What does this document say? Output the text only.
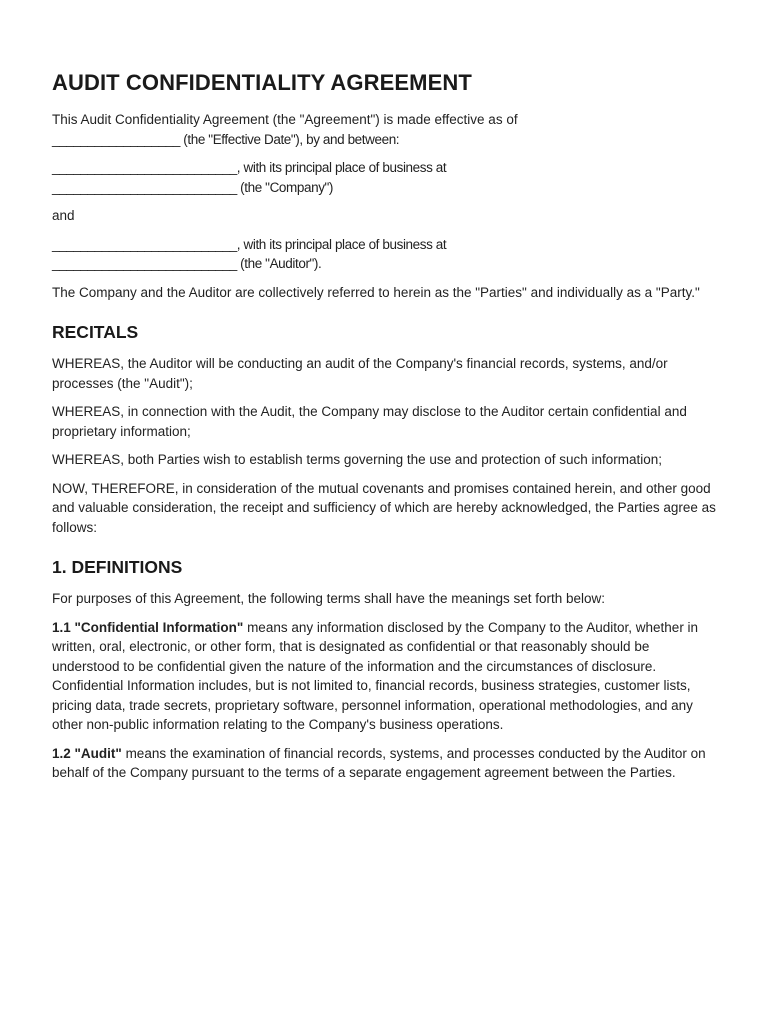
AUDIT CONFIDENTIALITY AGREEMENT

This Audit Confidentiality Agreement (the "Agreement") is made effective as of
__________________ (the "Effective Date"), by and between:

__________________________, with its principal place of business at
__________________________ (the "Company")

and

__________________________, with its principal place of business at
__________________________ (the "Auditor").

The Company and the Auditor are collectively referred to herein as the "Parties" and individually as a "Party."

RECITALS

WHEREAS, the Auditor will be conducting an audit of the Company's financial records, systems, and/or processes (the "Audit");

WHEREAS, in connection with the Audit, the Company may disclose to the Auditor certain confidential and proprietary information;

WHEREAS, both Parties wish to establish terms governing the use and protection of such information;

NOW, THEREFORE, in consideration of the mutual covenants and promises contained herein, and other good and valuable consideration, the receipt and sufficiency of which are hereby acknowledged, the Parties agree as follows:

1. DEFINITIONS

For purposes of this Agreement, the following terms shall have the meanings set forth below:

1.1 "Confidential Information" means any information disclosed by the Company to the Auditor, whether in written, oral, electronic, or other form, that is designated as confidential or that reasonably should be understood to be confidential given the nature of the information and the circumstances of disclosure. Confidential Information includes, but is not limited to, financial records, business strategies, customer lists, pricing data, trade secrets, proprietary software, personnel information, operational methodologies, and any other non-public information relating to the Company's business operations.

1.2 "Audit" means the examination of financial records, systems, and processes conducted by the Auditor on behalf of the Company pursuant to the terms of a separate engagement agreement between the Parties.
